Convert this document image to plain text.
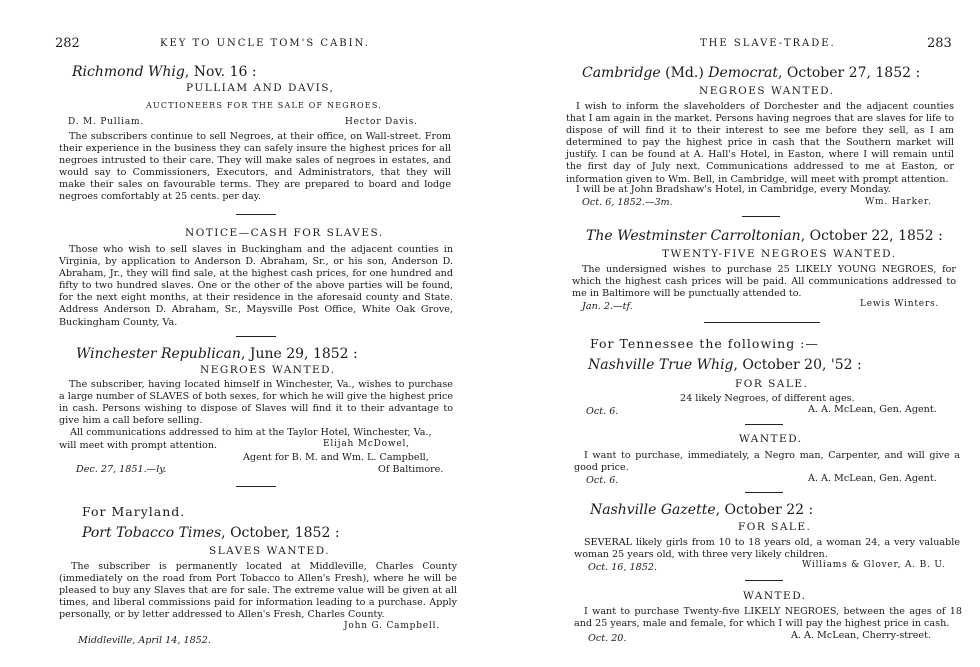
282	KEY TO UNCLE TOM'S CABIN.
Richmond Whig, Nov. 16 :
PULLIAM AND DAVIS,
AUCTIONEERS FOR THE SALE OF NEGROES.
D. M. Pulliam.	Hector Davis.
The subscribers continue to sell Negroes, at their office, on Wall-street. From their experience in the business they can safely insure the highest prices for all negroes intrusted to their care. They will make sales of negroes in estates, and would say to Commissioners, Executors, and Administrators, that they will make their sales on favourable terms. They are prepared to board and lodge negroes comfortably at 25 cents. per day.
NOTICE—CASH FOR SLAVES.
Those who wish to sell slaves in Buckingham and the adjacent counties in Virginia, by application to Anderson D. Abraham, Sr., or his son, Anderson D. Abraham, Jr., they will find sale, at the highest cash prices, for one hundred and fifty to two hundred slaves. One or the other of the above parties will be found, for the next eight months, at their residence in the aforesaid county and State. Address Anderson D. Abraham, Sr., Maysville Post Office, White Oak Grove, Buckingham County, Va.
Winchester Republican, June 29, 1852 :
NEGROES WANTED.
The subscriber, having located himself in Winchester, Va., wishes to purchase a large number of SLAVES of both sexes, for which he will give the highest price in cash. Persons wishing to dispose of Slaves will find it to their advantage to give him a call before selling.
All communications addressed to him at the Taylor Hotel, Winchester, Va.,
will meet with prompt attention.	Elijah McDowel,
Agent for B. M. and Wm. L. Campbell,
Of Baltimore.
Dec. 27, 1851.—ly.
For Maryland.
Port Tobacco Times, October, 1852 :
SLAVES WANTED.
The subscriber is permanently located at Middleville, Charles County (immediately on the road from Port Tobacco to Allen's Fresh), where he will be pleased to buy any Slaves that are for sale. The extreme value will be given at all times, and liberal commissions paid for information leading to a purchase. Apply personally, or by letter addressed to Allen's Fresh, Charles County.
John G. Campbell.
Middleville, April 14, 1852.
THE SLAVE-TRADE.	283
Cambridge (Md.) Democrat, October 27, 1852 :
NEGROES WANTED.
I wish to inform the slaveholders of Dorchester and the adjacent counties that I am again in the market. Persons having negroes that are slaves for life to dispose of will find it to their interest to see me before they sell, as I am determined to pay the highest price in cash that the Southern market will justify. I can be found at A. Hall's Hotel, in Easton, where I will remain until the first day of July next. Communications addressed to me at Easton, or information given to Wm. Bell, in Cambridge, will meet with prompt attention.
I will be at John Bradshaw's Hotel, in Cambridge, every Monday.
Oct. 6, 1852.—3m.	Wm. Harker.
The Westminster Carroltonian, October 22, 1852 :
TWENTY-FIVE NEGROES WANTED.
The undersigned wishes to purchase 25 LIKELY YOUNG NEGROES, for which the highest cash prices will be paid. All communications addressed to me in Baltimore will be punctually attended to.
Jan. 2.—tf.	Lewis Winters.
For Tennessee the following :—
Nashville True Whig, October 20, '52 :
FOR SALE.
24 likely Negroes, of different ages.
Oct. 6.	A. A. McLean, Gen. Agent.
WANTED.
I want to purchase, immediately, a Negro man, Carpenter, and will give a good price.
Oct. 6.	A. A. McLean, Gen. Agent.
Nashville Gazette, October 22 :
FOR SALE.
SEVERAL likely girls from 10 to 18 years old, a woman 24, a very valuable woman 25 years old, with three very likely children.
Oct. 16, 1852.	Williams & Glover, A. B. U.
WANTED.
I want to purchase Twenty-five LIKELY NEGROES, between the ages of 18 and 25 years, male and female, for which I will pay the highest price in cash.
Oct. 20.	A. A. McLean, Cherry-street.
